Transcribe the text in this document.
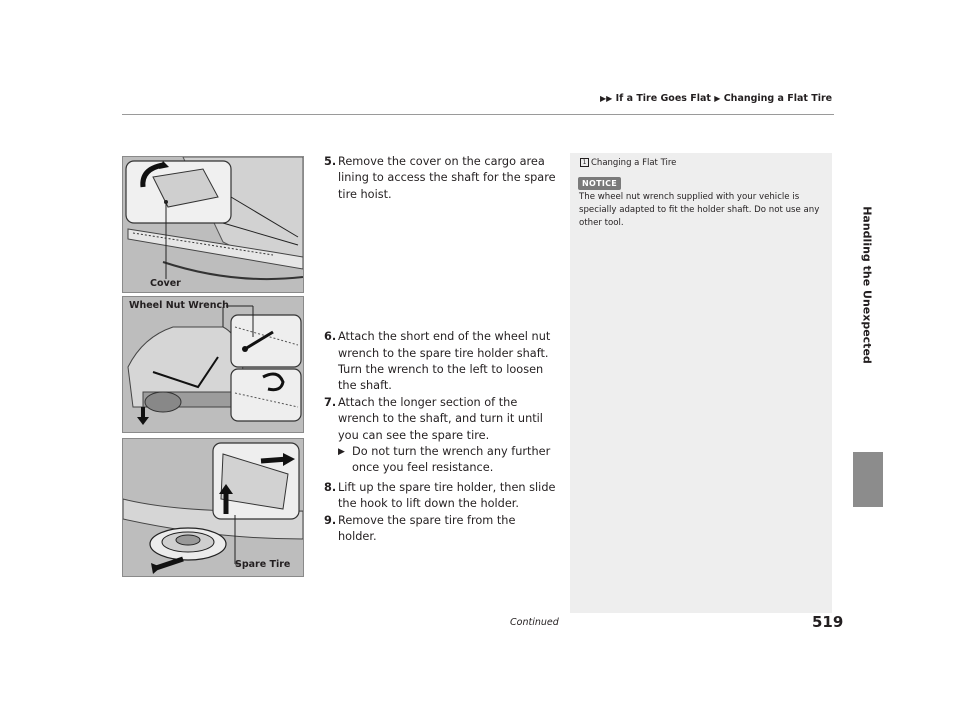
▶▶ If a Tire Goes Flat ▶ Changing a Flat Tire
Handling the Unexpected
Cover
Wheel Nut Wrench
Spare Tire

5. Remove the cover on the cargo area lining to access the shaft for the spare tire hoist.

6. Attach the short end of the wheel nut wrench to the spare tire holder shaft. Turn the wrench to the left to loosen the shaft.

7. Attach the longer section of the wrench to the shaft, and turn it until you can see the spare tire.

▶ Do not turn the wrench any further once you feel resistance.

8. Lift up the spare tire holder, then slide the hook to lift down the holder.

9. Remove the spare tire from the holder.

1 Changing a Flat Tire
NOTICE
The wheel nut wrench supplied with your vehicle is specially adapted to fit the holder shaft. Do not use any other tool.
Continued	519
